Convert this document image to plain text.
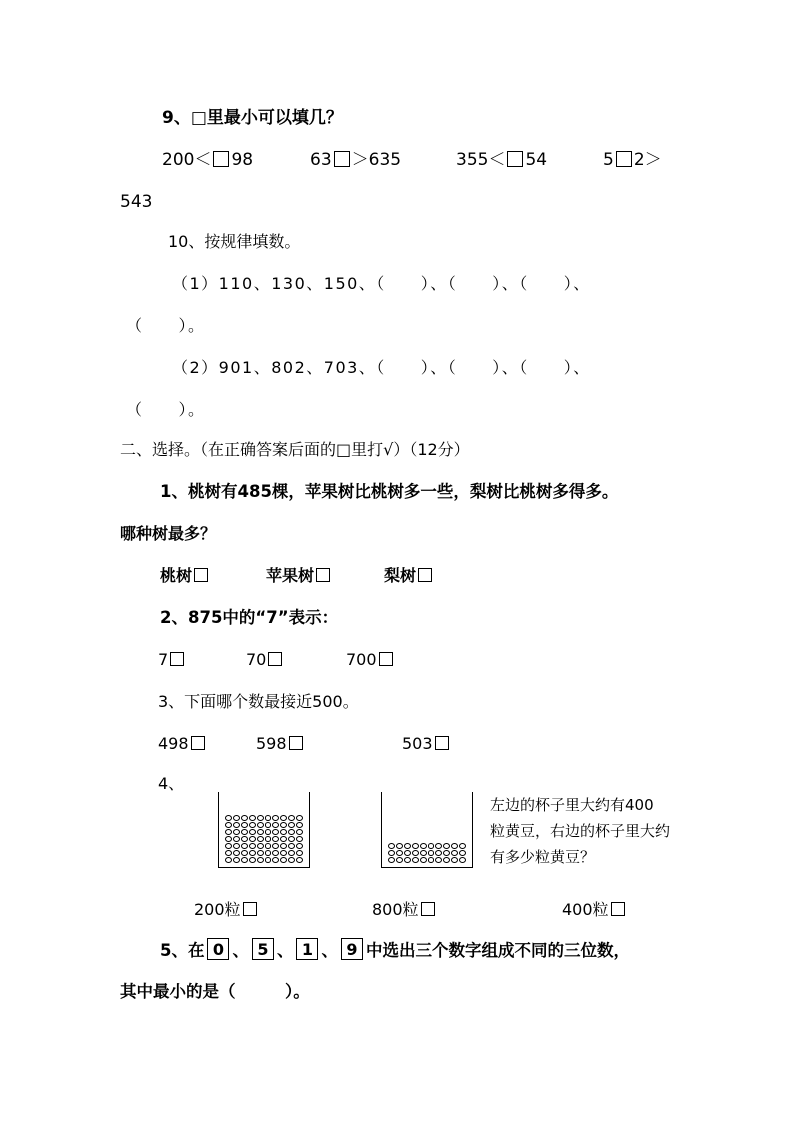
9、□里最小可以填几？
200＜ 98	63 ＞635	355＜ 54	5 2＞
543
10、按规律填数。
（1）110、130、150、（　　）、（　　）、（　　）、
（　　）。
（2）901、802、703、（　　）、（　　）、（　　）、
（　　）。
二、选择。（在正确答案后面的□里打√）（12分）
1、桃树有485棵，苹果树比桃树多一些，梨树比桃树多得多。
哪种树最多？
桃树	苹果树	梨树
2、875中的“7”表示：
7	70	700
3、下面哪个数最接近500。
498	598	503
4、
左边的杯子里大约有400
粒黄豆，右边的杯子里大约
有多少粒黄豆？
200粒	800粒	400粒
5、在 0 、 5 、 1 、 9 中选出三个数字组成不同的三位数，
其中最小的是（　　　）。
